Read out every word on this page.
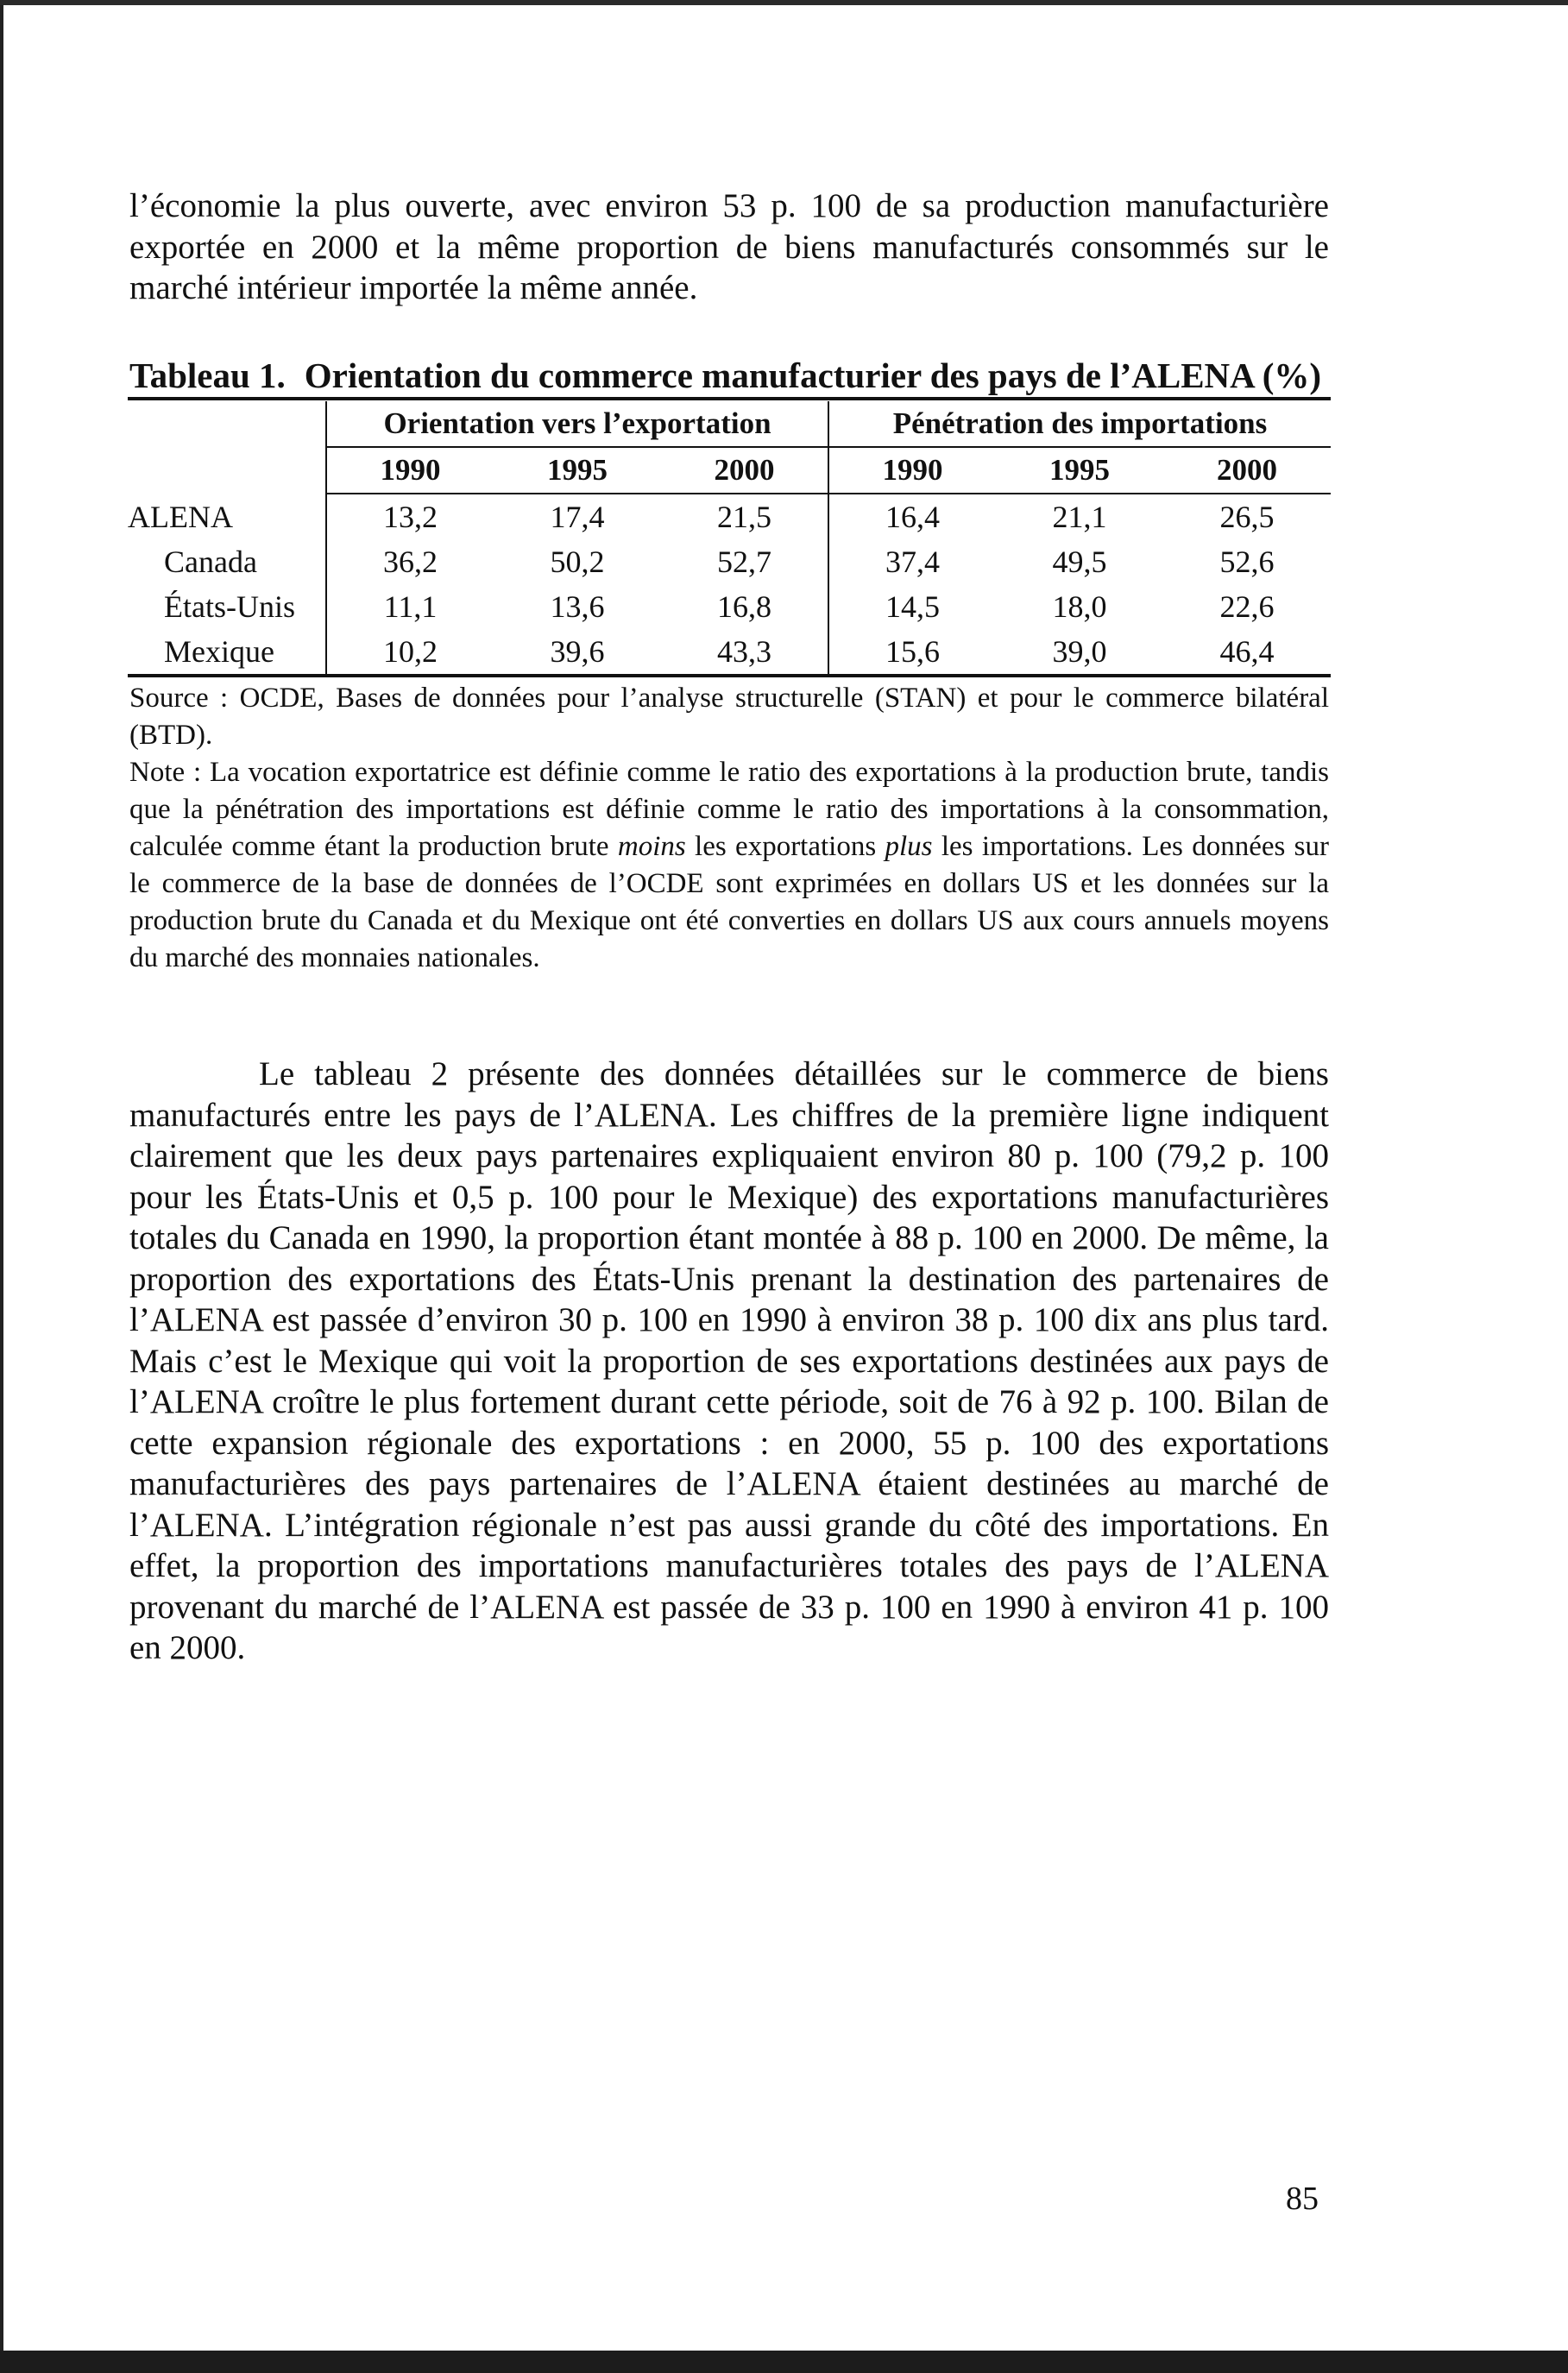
l’économie la plus ouverte, avec environ 53 p. 100 de sa production manufacturière exportée en 2000 et la même proportion de biens manufacturés consommés sur le marché intérieur importée la même année.

Tableau 1. Orientation du commerce manufacturier des pays de l’ALENA (%)
	Orientation vers l’exportation			Pénétration des importations		
	1990	1995	2000	1990	1995	2000
ALENA	13,2	17,4	21,5	16,4	21,1	26,5
Canada	36,2	50,2	52,7	37,4	49,5	52,6
États-Unis	11,1	13,6	16,8	14,5	18,0	22,6
Mexique	10,2	39,6	43,3	15,6	39,0	46,4

Source : OCDE, Bases de données pour l’analyse structurelle (STAN) et pour le commerce bilatéral (BTD).

Note : La vocation exportatrice est définie comme le ratio des exportations à la production brute, tandis que la pénétration des importations est définie comme le ratio des importations à la consommation, calculée comme étant la production brute moins les exportations plus les importations. Les données sur le commerce de la base de données de l’OCDE sont exprimées en dollars US et les données sur la production brute du Canada et du Mexique ont été converties en dollars US aux cours annuels moyens du marché des monnaies nationales.

Le tableau 2 présente des données détaillées sur le commerce de biens manufacturés entre les pays de l’ALENA. Les chiffres de la première ligne indiquent clairement que les deux pays partenaires expliquaient environ 80 p. 100 (79,2 p. 100 pour les États-Unis et 0,5 p. 100 pour le Mexique) des exportations manufacturières totales du Canada en 1990, la proportion étant montée à 88 p. 100 en 2000. De même, la proportion des exportations des États-Unis prenant la destination des partenaires de l’ALENA est passée d’environ 30 p. 100 en 1990 à environ 38 p. 100 dix ans plus tard. Mais c’est le Mexique qui voit la proportion de ses exportations destinées aux pays de l’ALENA croître le plus fortement durant cette période, soit de 76 à 92 p. 100. Bilan de cette expansion régionale des exportations : en 2000, 55 p. 100 des exportations manufacturières des pays partenaires de l’ALENA étaient destinées au marché de l’ALENA. L’intégration régionale n’est pas aussi grande du côté des importations. En effet, la proportion des importations manufacturières totales des pays de l’ALENA provenant du marché de l’ALENA est passée de 33 p. 100 en 1990 à environ 41 p. 100 en 2000.

85
